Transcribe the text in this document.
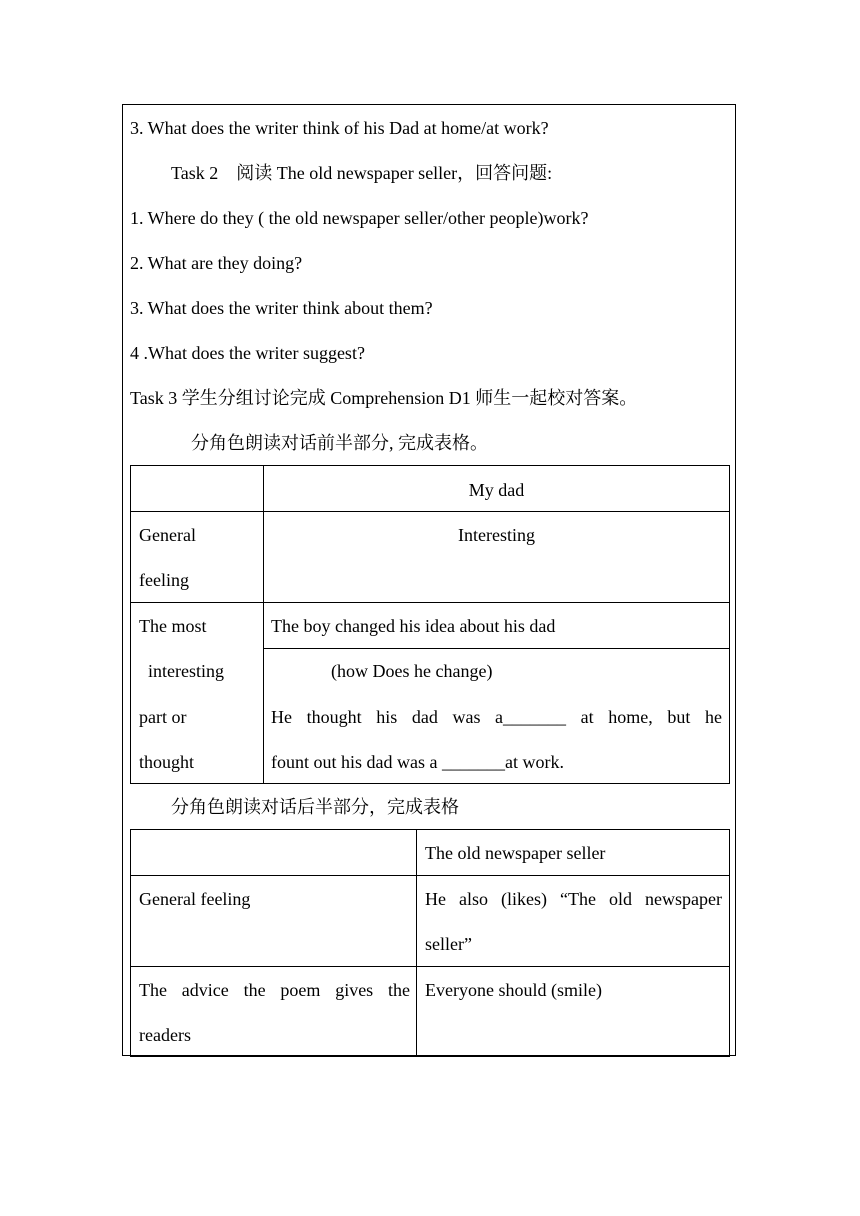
3. What does the writer think of his Dad at home/at work?
Task 2　阅读 The old newspaper seller，回答问题:
1. Where do they ( the old newspaper seller/other people)work?
2. What are they doing?
3. What does the writer think about them?
4 .What does the writer suggest?
Task 3 学生分组讨论完成 Comprehension D1 师生一起校对答案。
分角色朗读对话前半部分, 完成表格。
My dad
General
feeling
Interesting
The most
interesting
part or
thought
The boy changed his idea about his dad
(how Does he change)
He thought his dad was a_______ at home, but he
fount out his dad was a _______at work.
分角色朗读对话后半部分，完成表格
The old newspaper seller
General feeling	He also (likes) “The old newspaper
seller”
The advice the poem gives the
readers
Everyone should (smile)
